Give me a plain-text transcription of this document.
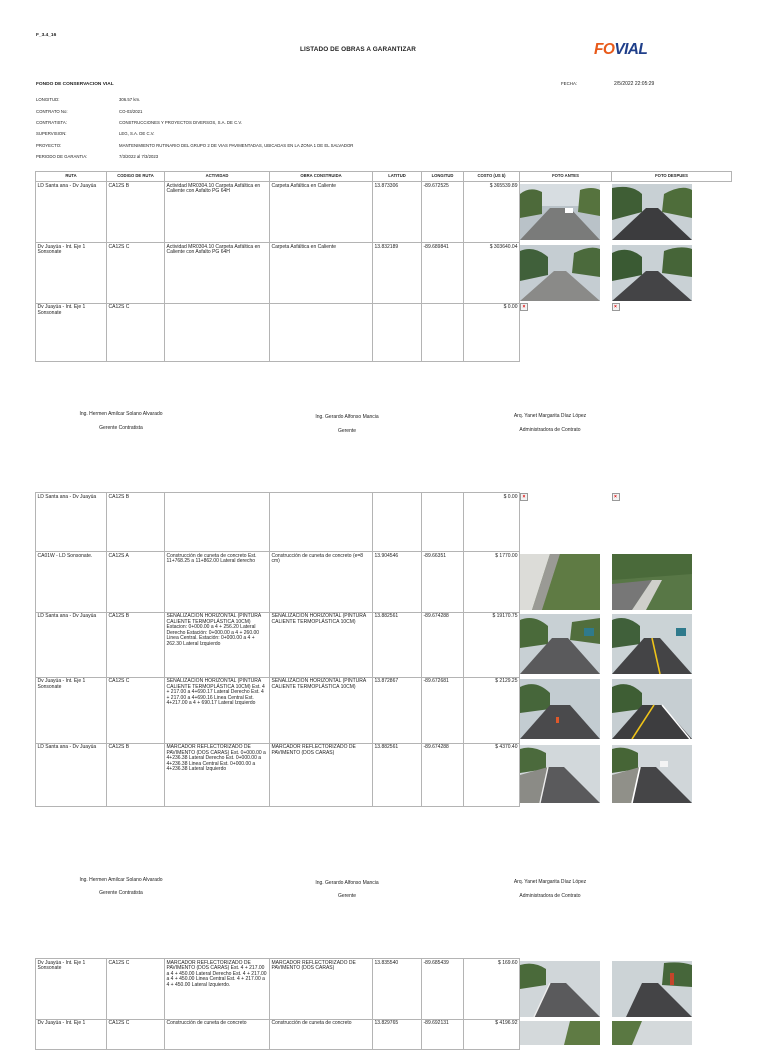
F_3.4_16
LISTADO DE OBRAS A GARANTIZAR	FOVIAL
FONDO DE CONSERVACION VIAL	FECHA:	2/5/2022 22:05:29
LONGITUD:	306.57 km.
CONTRATO No:	CO-03/2021
CONTRATISTA:	CONSTRUCCIONES Y PROYECTOS DIVERSOS, S.A. DE C.V.
SUPERVISION:	LEG, S.A. DE C.V.
PROYECTO:	MANTENIMIENTO RUTINARIO DEL GRUPO 2 DE VIAS PAVIMENTADAS, UBICADAS EN LA ZONA 1 DE EL SALVADOR
PERIODO DE GARANTIA:	7/3/2022 al 7/3/2023
RUTA	CODIGO DE RUTA	ACTIVIDAD	OBRA CONSTRUIDA	LATITUD	LONGITUD	COSTO (US $)	FOTO ANTES	FOTO DESPUES
LD Santa ana - Dv Juayúa	CA12S B	Actividad MR0304.10 Carpeta Asfáltica en Caliente con Asfalto PG 64H	Carpeta Asfáltica en Caliente	13.873306	-89.672525	$ 365539.89		
Dv Juayúa - Int. Eje 1 Sonsonate	CA12S C	Actividad MR0304.10 Carpeta Asfáltica en Caliente con Asfalto PG 64H	Carpeta Asfáltica en Caliente	13.832189	-89.689841	$ 303640.04		
Dv Juayúa - Int. Eje 1 Sonsonate	CA12S C					$ 0.00	×	×
Ing. Hermen Amilcar Solano Alvarado
Gerente Contratista
Ing. Gerardo Alfonso Mancia
Gerente
Arq. Yanet Margarita Díaz López
Administradora de Contrato
LD Santa ana - Dv Juayúa	CA12S B					$ 0.00	×	×
CA01W - LD Sonsonate.	CA12S A	Construcción de cuneta de concreto Est. 11+768.25 a 11+862.00 Lateral derecho	Construcción de cuneta de concreto (e=8 cm)	13.904546	-89.66351	$ 1770.00		
LD Santa ana - Dv Juayúa	CA12S B	SEÑALIZACION HORIZONTAL (PINTURA CALIENTE TERMOPLÁSTICA 10CM) Estacion: 0+000.00 a 4 + 256.20 Lateral Derecho Estación: 0+000.00 a 4 + 260.00 Linea Central. Estación: 0+000.00 a 4 + 262.30 Lateral Izquierdo	SEÑALIZACION HORIZONTAL (PINTURA CALIENTE TERMOPLÁSTICA 10CM)	13.882561	-89.674288	$ 19170.75		
Dv Juayúa - Int. Eje 1 Sonsonate	CA12S C	SEÑALIZACION HORIZONTAL (PINTURA CALIENTE TERMOPLÁSTICA 10CM) Est. 4 + 217.00 a 4+690.17 Lateral Derecho Est. 4 + 217.00 a 4+690.16 Linea Central Est. 4+217.00 a 4 + 690.17 Lateral Izquierdo	SEÑALIZACION HORIZONTAL (PINTURA CALIENTE TERMOPLÁSTICA 10CM)	13.872867	-89.672681	$ 2129.25		
LD Santa ana - Dv Juayúa	CA12S B	MARCADOR REFLECTORIZADO DE PAVIMENTO (DOS CARAS) Est. 0+000.00 a 4+236.38 Lateral Derecho Est. 0+000.00 a 4+236.38 Linea Central Est. 0+000.00 a 4+236.38 Lateral Izquierdo	MARCADOR REFLECTORIZADO DE PAVIMENTO (DOS CARAS)	13.882561	-89.674288	$ 4370.40		
Ing. Hermen Amilcar Solano Alvarado
Gerente Contratista
Ing. Gerardo Alfonso Mancia
Gerente
Arq. Yanet Margarita Díaz López
Administradora de Contrato
Dv Juayúa - Int. Eje 1 Sonsonate	CA12S C	MARCADOR REFLECTORIZADO DE PAVIMENTO (DOS CARAS) Est. 4 + 217.00 a 4 + 450.00 Lateral Derecho Est. 4 + 217.00 a 4 + 450.00 Linea Central Est. 4 + 217.00 a 4 + 450.00 Lateral Izquierdo.	MARCADOR REFLECTORIZADO DE PAVIMENTO (DOS CARAS)	13.835540	-89.685439	$ 169.60		
Dv Juayúa - Int. Eje 1	CA12S C	Construcción de cuneta de concreto	Construcción de cuneta de concreto	13.829765	-89.692131	$ 4196.92		
